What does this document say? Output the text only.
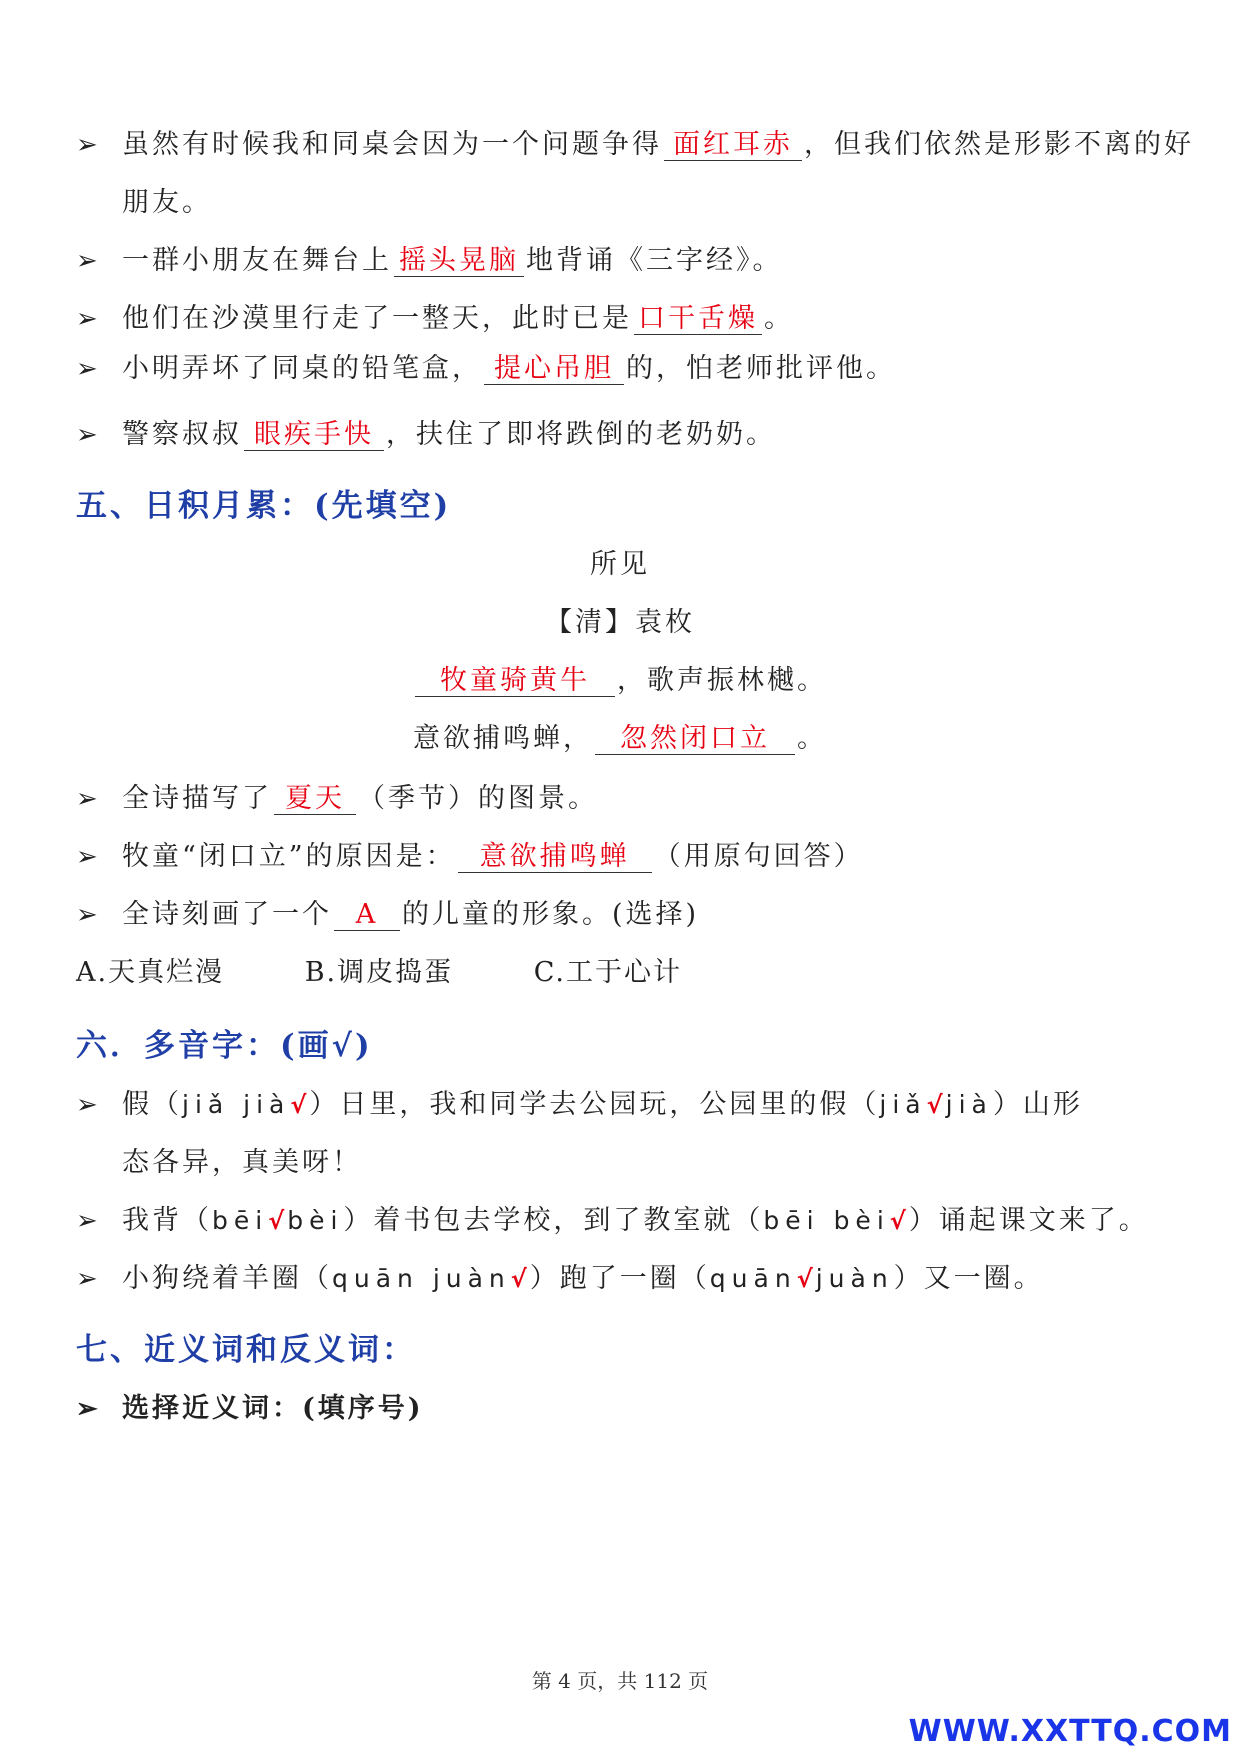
➢ 虽然有时候我和同桌会因为一个问题争得 面红耳赤 ，但我们依然是形影不离的好
朋友。
➢ 一群小朋友在舞台上 摇头晃脑 地背诵《三字经》。
➢ 他们在沙漠里行走了一整天，此时已是 口干舌燥 。
➢ 小明弄坏了同桌的铅笔盒， 提心吊胆 的，怕老师批评他。
➢ 警察叔叔 眼疾手快 ，扶住了即将跌倒的老奶奶。
五、日积月累：(先填空)
所见
【清】袁枚
牧童骑黄牛	，歌声振林樾。
意欲捕鸣蝉，	忽然闭口立	。
➢ 全诗描写了 夏天 （季节）的图景。
➢ 牧童“闭口立”的原因是： 意欲捕鸣蝉 （用原句回答）
➢ 全诗刻画了一个 A 的儿童的形象。(选择)
A.天真烂漫	B.调皮捣蛋	C.工于心计
六．多音字：(画√)
➢ 假（ jiǎ jià √ ）日里，我和同学去公园玩，公园里的假（ jiǎ √ jià ）山形
态各异，真美呀！
➢ 我背（ bēi √ bèi ）着书包去学校，到了教室就（ bēi bèi √ ）诵起课文来了。
➢ 小狗绕着羊圈（ quān juàn √ ）跑了一圈（ quān √ juàn ）又一圈。
七、近义词和反义词：
➢ 选择近义词：(填序号)
第 4 页，共 112 页
WWW.XXTTQ.COM
